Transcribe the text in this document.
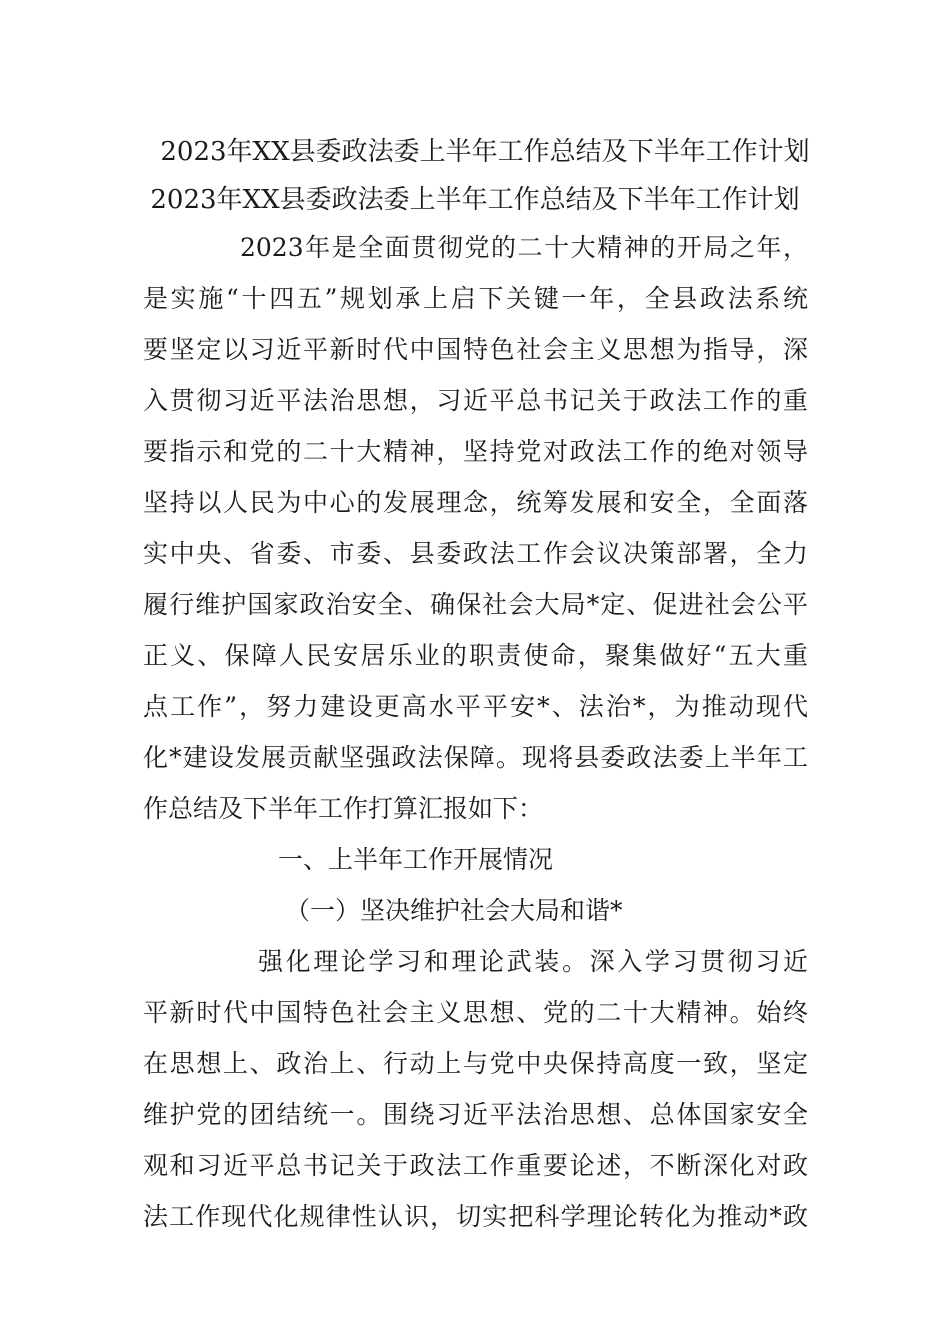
2023年XX县委政法委上半年工作总结及下半年工作计划
2023年XX县委政法委上半年工作总结及下半年工作计划
2023年是全面贯彻党的二十大精神的开局之年，
是实施“十四五”规划承上启下关键一年，全县政法系统
要坚定以习近平新时代中国特色社会主义思想为指导，深
入贯彻习近平法治思想，习近平总书记关于政法工作的重
要指示和党的二十大精神，坚持党对政法工作的绝对领导
坚持以人民为中心的发展理念，统筹发展和安全，全面落
实中央、省委、市委、县委政法工作会议决策部署，全力
履行维护国家政治安全、确保社会大局*定、促进社会公平
正义、保障人民安居乐业的职责使命，聚集做好“五大重
点工作”，努力建设更高水平平安*、法治*，为推动现代
化*建设发展贡献坚强政法保障。现将县委政法委上半年工
作总结及下半年工作打算汇报如下：
一、上半年工作开展情况
（一）坚决维护社会大局和谐*
强化理论学习和理论武装。深入学习贯彻习近
平新时代中国特色社会主义思想、党的二十大精神。始终
在思想上、政治上、行动上与党中央保持高度一致，坚定
维护党的团结统一。围绕习近平法治思想、总体国家安全
观和习近平总书记关于政法工作重要论述，不断深化对政
法工作现代化规律性认识，切实把科学理论转化为推动*政
